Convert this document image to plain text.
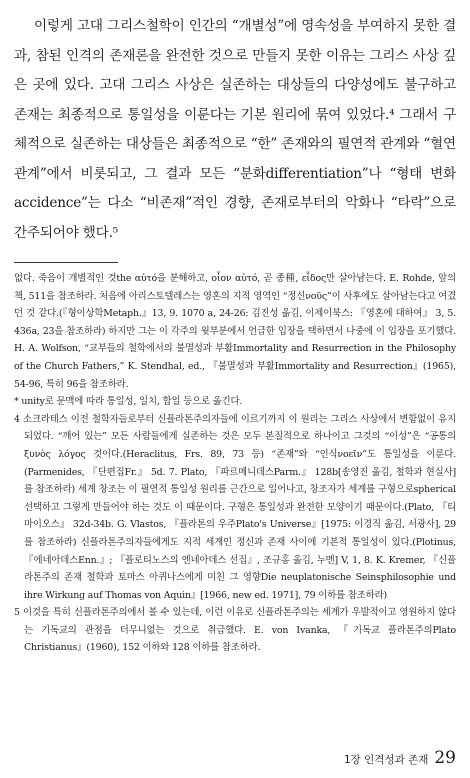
이렇게 고대 그리스철학이 인간의 “개별성”에 영속성을 부여하지 못한 결과, 참된 인격의 존재론을 완전한 것으로 만들지 못한 이유는 그리스 사상 깊은 곳에 있다. 고대 그리스 사상은 실존하는 대상들의 다양성에도 불구하고 존재는 최종적으로 통일성을 이룬다는 기본 원리에 묶여 있었다.⁴ 그래서 구체적으로 실존하는 대상들은 최종적으로 “한” 존재와의 필연적 관계와 “혈연관계”에서 비롯되고, 그 결과 모든 “분화differentiation”나 “형태 변화accidence”는 다소 “비존재”적인 경향, 존재로부터의 악화나 “타락”으로 간주되어야 했다.⁵

없다. 죽음이 개별적인 것the αὐτό을 분해하고, οἶον αὐτό, 곧 종種, εἶδος만 살아남는다. E. Rohde, 앞의 책, 511을 참조하라. 처음에 아리스토텔레스는 영혼의 지적 영역인 “정신νοῦς”이 사후에도 살아남는다고 여겼던 것 같다.(『형이상학Metaph.』13, 9. 1070 a, 24-26: 김진성 옮김, 이제이북스: 『영혼에 대하여』 3, 5. 436a, 23을 참조하라) 하지만 그는 이 각주의 윗부분에서 언급한 입장을 택하면서 나중에 이 입장을 포기했다. H. A. Wolfson, “교부들의 철학에서의 불멸성과 부활Immortality and Resurrection in the Philosophy of the Church Fathers,” K. Stendhal, ed., 『불멸성과 부활Immortality and Resurrection』(1965), 54-96, 특히 96을 참조하라.

* unity로 문맥에 따라 통일성, 일치, 합일 등으로 옮긴다.

4 소크라테스 이전 철학자들로부터 신플라톤주의자들에 이르기까지 이 원리는 그리스 사상에서 변함없이 유지되었다. “깨어 있는” 모든 사람들에게 실존하는 것은 모두 본질적으로 하나이고 그것의 “이성”은 “공통의ξυνὸς λόγος 것이다.(Heraclitus, Frs. 89, 73 등) “존재”와 “인식νοεῖν”도 통일성을 이룬다.(Parmenides, 『단편집Fr.』 5d. 7. Plato, 『파르메니데스Parm.』 128b[송영진 옮김, 철학과 현실사]를 참조하라) 세계 창조는 이 필연적 통일성 원리를 근간으로 일어나고, 창조자가 세계를 구형으로spherical 선택하고 그렇게 만들어야 하는 것도 이 때문이다. 구형은 통일성과 완전한 모양이기 때문이다.(Plato, 『티마이오스』 32d-34b. G. Vlastos, 『플라톤의 우주Plato's Universe』[1975: 이경직 옮김, 서광사], 29를 참조하라) 신플라톤주의자들에게도 지적 세계인 정신과 존재 사이에 기본적 통일성이 있다.(Plotinus, 『에네아데스Enn.』; 『플로티노스의 엔네아데스 선집』, 조규홍 옮김, 누멘] V, 1, 8. K. Kremer, 『신플라톤주의 존재 철학과 토마스 아퀴나스에게 미친 그 영향Die neuplatonische Seinsphilosophie und ihre Wirkung auf Thomas von Aquin』[1966, new ed. 1971], 79 이하를 참조하라)

5 이것을 특히 신플라톤주의에서 볼 수 있는데, 이런 이유로 신플라톤주의는 세계가 우발적이고 영원하지 않다는 기독교의 관점을 터무니없는 것으로 취급했다. E. von Ivanka, 『기독교 플라톤주의Plato Christianus』(1960), 152 이하와 128 이하를 참조하라.

1장 인격성과 존재 29
